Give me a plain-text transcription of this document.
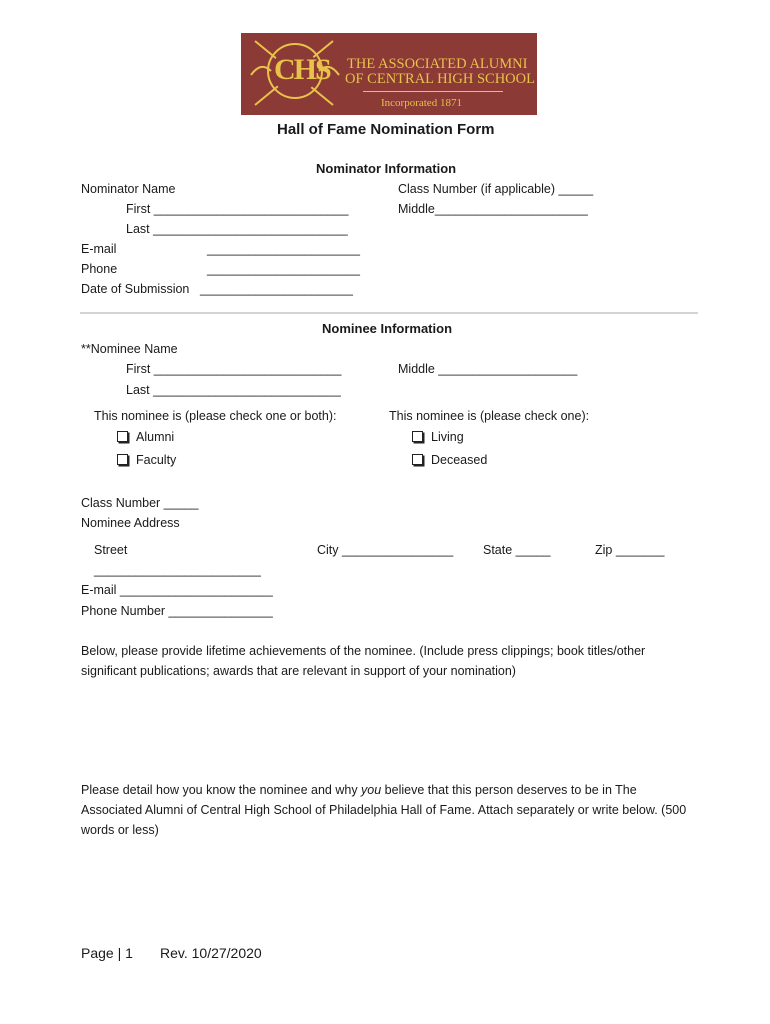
CHS THE ASSOCIATED ALUMNI
OF CENTRAL HIGH SCHOOL
Incorporated 1871
Hall of Fame Nomination Form
Nominator Information
Nominator Name
First ____________________________
Last ____________________________
Class Number (if applicable) _____
Middle______________________
E-mail	______________________
Phone	______________________
Date of Submission ______________________
Nominee Information
**Nominee Name
First ___________________________
Last ___________________________
Middle ____________________
This nominee is (please check one or both):
Alumni
Faculty
This nominee is (please check one):
Living
Deceased
Class Number _____
Nominee Address
Street	City ________________ State _____	Zip _______
________________________
E-mail ______________________
Phone Number _______________
Below, please provide lifetime achievements of the nominee. (Include press clippings; book titles/other
significant publications; awards that are relevant in support of your nomination)
Please detail how you know the nominee and why you believe that this person deserves to be in The
Associated Alumni of Central High School of Philadelphia Hall of Fame. Attach separately or write below. (500
words or less)
Page | 1 Rev. 10/27/2020
